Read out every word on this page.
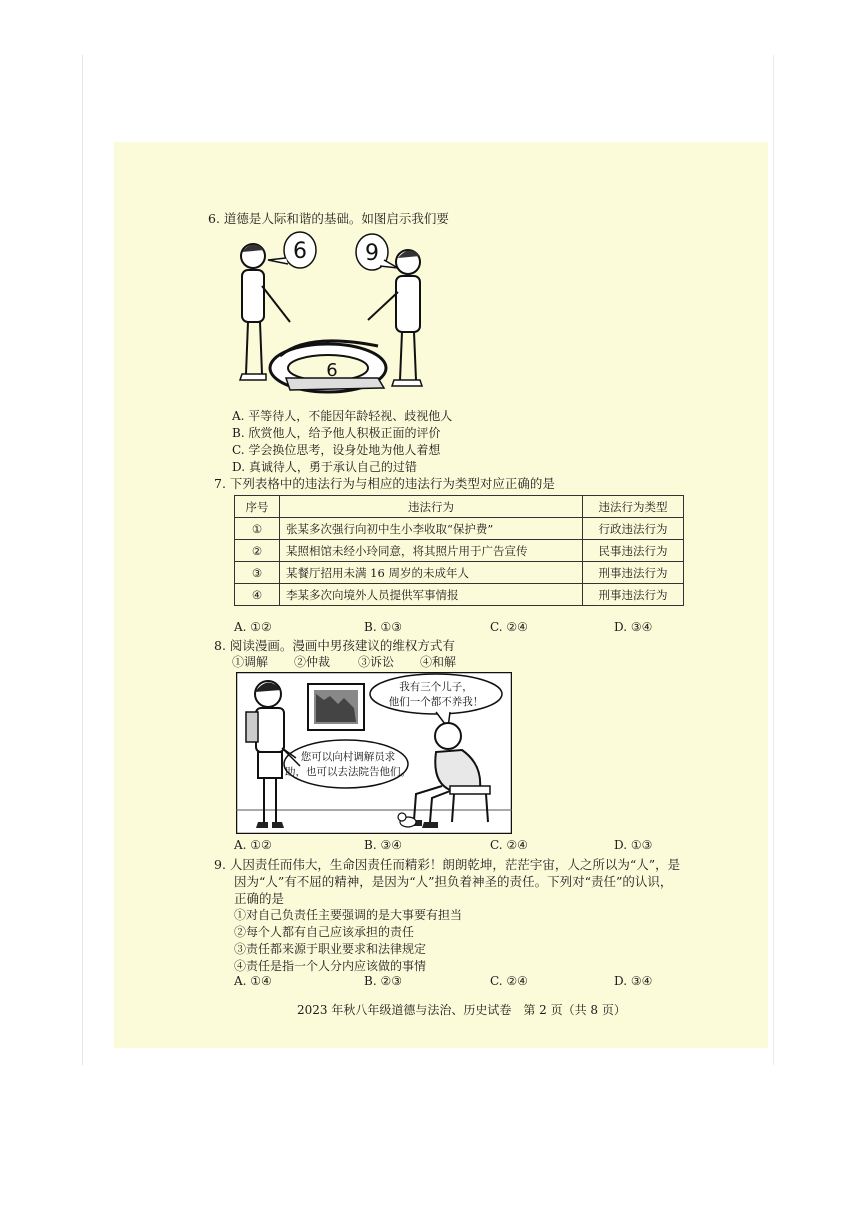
6. 道德是人际和谐的基础。如图启示我们要
6
6	9
A. 平等待人，不能因年龄轻视、歧视他人
B. 欣赏他人，给予他人积极正面的评价
C. 学会换位思考，设身处地为他人着想
D. 真诚待人，勇于承认自己的过错
7. 下列表格中的违法行为与相应的违法行为类型对应正确的是
序号	违法行为	违法行为类型
①	张某多次强行向初中生小李收取“保护费”	行政违法行为
②	某照相馆未经小玲同意，将其照片用于广告宣传	民事违法行为
③	某餐厅招用未满 16 周岁的未成年人	刑事违法行为
④	李某多次向境外人员提供军事情报	刑事违法行为
A. ①②	B. ①③	C. ②④	D. ③④
8. 阅读漫画。漫画中男孩建议的维权方式有
①调解 ②仲裁 ③诉讼 ④和解
您可以向村调解员求
助，也可以去法院告他们。
我有三个儿子，
他们一个都不养我！
A. ①②	B. ③④	C. ②④	D. ①③
9. 人因责任而伟大，生命因责任而精彩！朗朗乾坤，茫茫宇宙，人之所以为“人”，是
因为“人”有不屈的精神，是因为“人”担负着神圣的责任。下列对“责任”的认识，
正确的是
①对自己负责任主要强调的是大事要有担当
②每个人都有自己应该承担的责任
③责任都来源于职业要求和法律规定
④责任是指一个人分内应该做的事情
A. ①④	B. ②③	C. ②④	D. ③④
2023 年秋八年级道德与法治、历史试卷　第 2 页（共 8 页）
